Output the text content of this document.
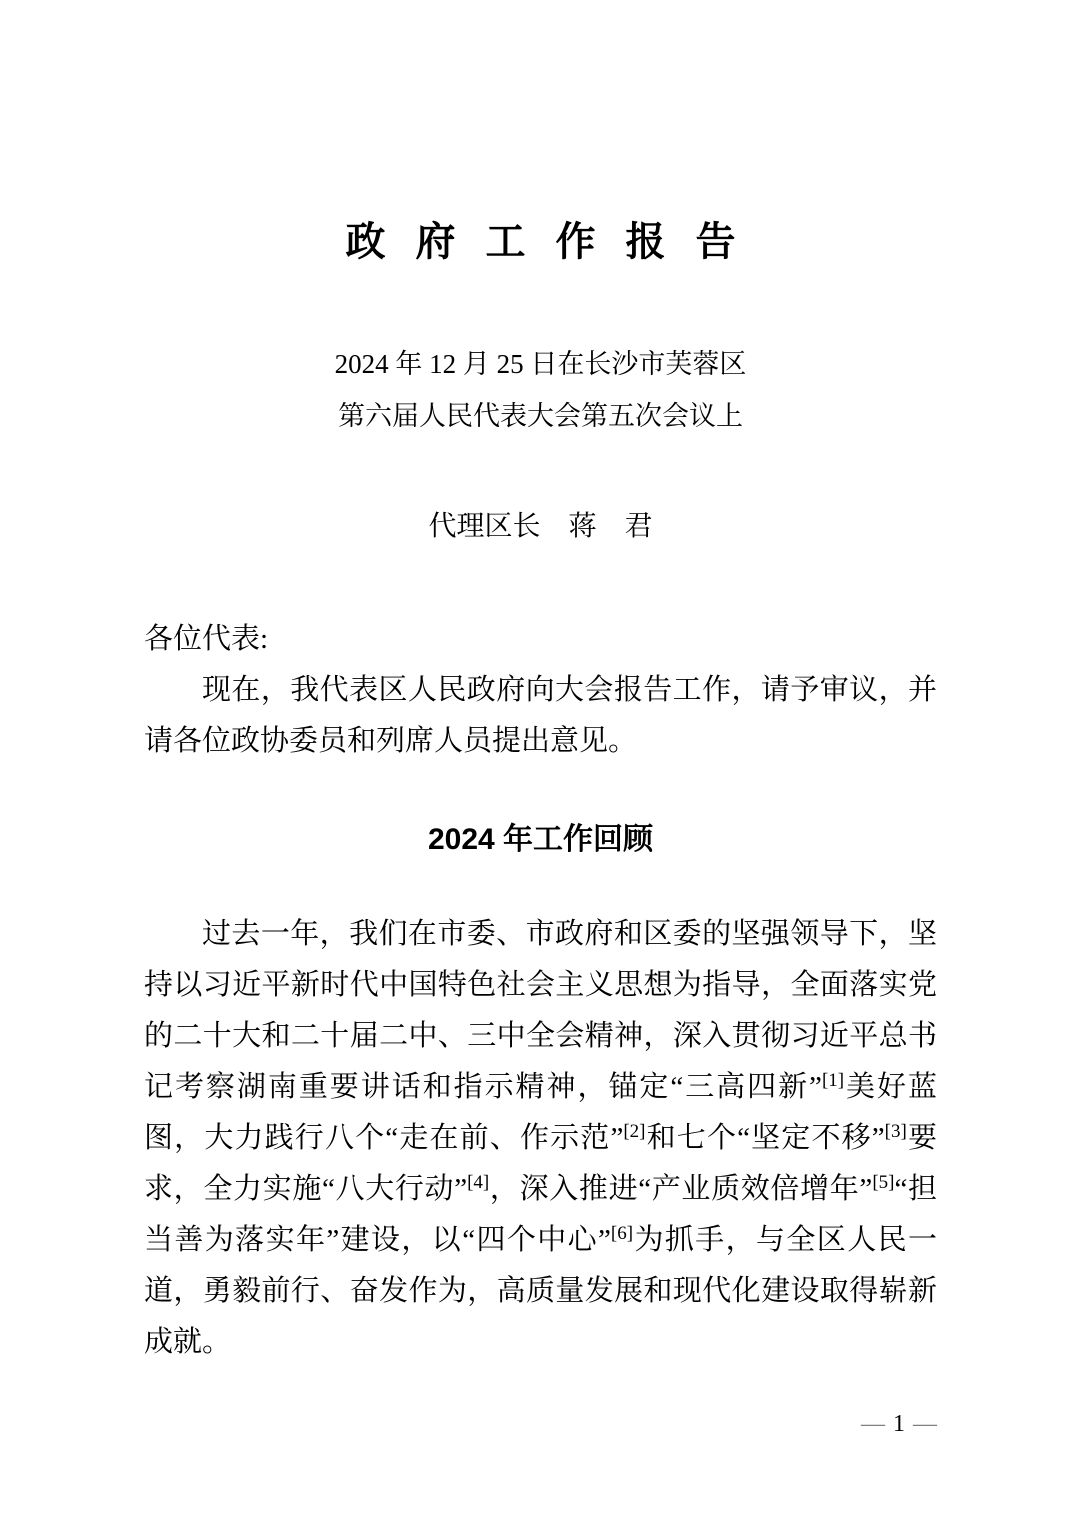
政 府 工 作 报 告
2024 年 12 月 25 日在长沙市芙蓉区
第六届人民代表大会第五次会议上
代理区长　蒋　君

各位代表:

现在，我代表区人民政府向大会报告工作，请予审议，并请各位政协委员和列席人员提出意见。

2024 年工作回顾

过去一年，我们在市委、市政府和区委的坚强领导下，坚持以习近平新时代中国特色社会主义思想为指导，全面落实党的二十大和二十届二中、三中全会精神，深入贯彻习近平总书记考察湖南重要讲话和指示精神，锚定“三高四新”[1]美好蓝图，大力践行八个“走在前、作示范”[2]和七个“坚定不移”[3]要求，全力实施“八大行动”[4]，深入推进“产业质效倍增年”[5]“担当善为落实年”建设，以“四个中心”[6]为抓手，与全区人民一道，勇毅前行、奋发作为，高质量发展和现代化建设取得崭新成就。

— 1 —
